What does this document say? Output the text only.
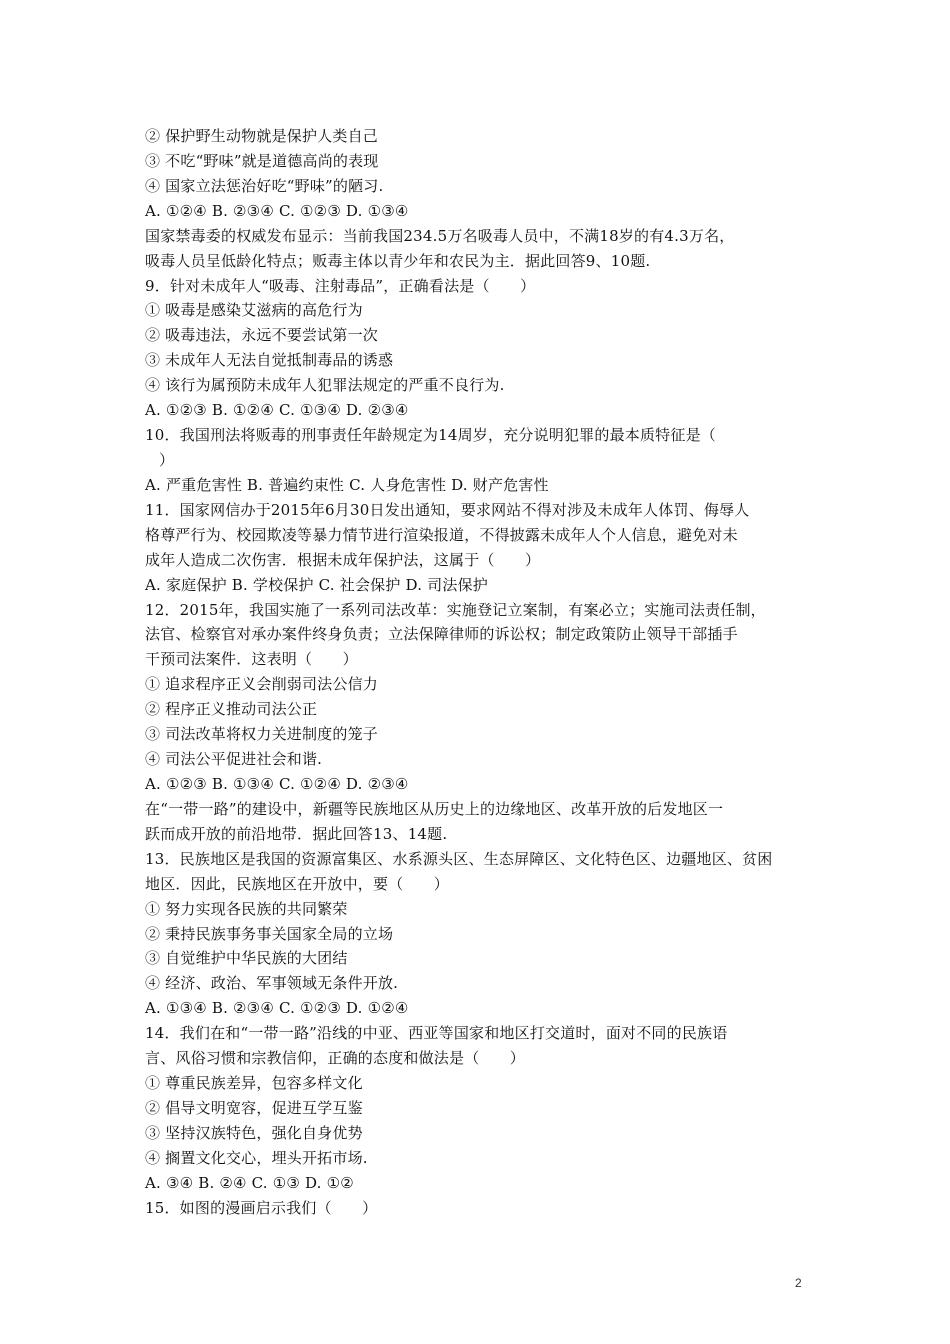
② 保护野生动物就是保护人类自己
③ 不吃“野味”就是道德高尚的表现
④ 国家立法惩治好吃“野味”的陋习.
A. ①②④ B. ②③④ C. ①②③ D. ①③④
国家禁毒委的权威发布显示：当前我国234.5万名吸毒人员中，不满18岁的有4.3万名，
吸毒人员呈低龄化特点；贩毒主体以青少年和农民为主．据此回答9、10题.
9．针对未成年人“吸毒、注射毒品”，正确看法是（　　）
① 吸毒是感染艾滋病的高危行为
② 吸毒违法，永远不要尝试第一次
③ 未成年人无法自觉抵制毒品的诱惑
④ 该行为属预防未成年人犯罪法规定的严重不良行为.
A. ①②③ B. ①②④ C. ①③④ D. ②③④
10．我国刑法将贩毒的刑事责任年龄规定为14周岁，充分说明犯罪的最本质特征是（
）
A. 严重危害性 B. 普遍约束性 C. 人身危害性 D. 财产危害性
11．国家网信办于2015年6月30日发出通知，要求网站不得对涉及未成年人体罚、侮辱人
格尊严行为、校园欺凌等暴力情节进行渲染报道，不得披露未成年人个人信息，避免对未
成年人造成二次伤害．根据未成年保护法，这属于（　　）
A. 家庭保护 B. 学校保护 C. 社会保护 D. 司法保护
12．2015年，我国实施了一系列司法改革：实施登记立案制，有案必立；实施司法责任制，
法官、检察官对承办案件终身负责；立法保障律师的诉讼权；制定政策防止领导干部插手
干预司法案件．这表明（　　）
① 追求程序正义会削弱司法公信力
② 程序正义推动司法公正
③ 司法改革将权力关进制度的笼子
④ 司法公平促进社会和谐.
A. ①②③ B. ①③④ C. ①②④ D. ②③④
在“一带一路”的建设中，新疆等民族地区从历史上的边缘地区、改革开放的后发地区一
跃而成开放的前沿地带．据此回答13、14题.
13．民族地区是我国的资源富集区、水系源头区、生态屏障区、文化特色区、边疆地区、贫困
地区．因此，民族地区在开放中，要（　　）
① 努力实现各民族的共同繁荣
② 秉持民族事务事关国家全局的立场
③ 自觉维护中华民族的大团结
④ 经济、政治、军事领域无条件开放.
A. ①③④ B. ②③④ C. ①②③ D. ①②④
14．我们在和“一带一路”沿线的中亚、西亚等国家和地区打交道时，面对不同的民族语
言、风俗习惯和宗教信仰，正确的态度和做法是（　　）
① 尊重民族差异，包容多样文化
② 倡导文明宽容，促进互学互鉴
③ 坚持汉族特色，强化自身优势
④ 搁置文化交心，埋头开拓市场.
A. ③④ B. ②④ C. ①③ D. ①②
15．如图的漫画启示我们（　　）
2
